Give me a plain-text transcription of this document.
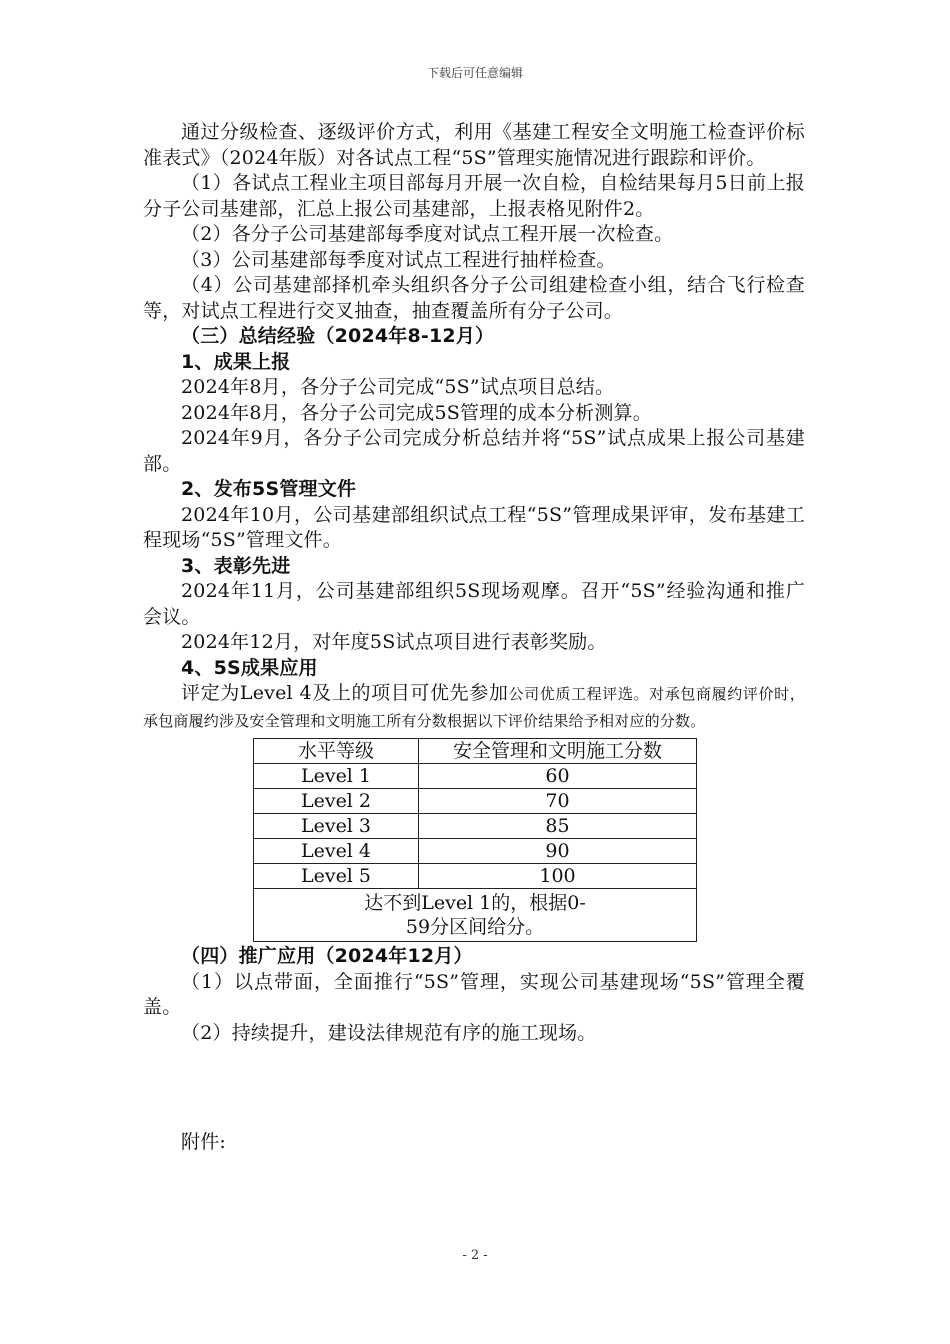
下载后可任意编辑

通过分级检查、逐级评价方式，利用《基建工程安全文明施工检查评价标准表式》（2024年版）对各试点工程“5S”管理实施情况进行跟踪和评价。

（1）各试点工程业主项目部每月开展一次自检，自检结果每月5日前上报分子公司基建部，汇总上报公司基建部，上报表格见附件2。

（2）各分子公司基建部每季度对试点工程开展一次检查。

（3）公司基建部每季度对试点工程进行抽样检查。

（4）公司基建部择机牵头组织各分子公司组建检查小组，结合飞行检查等，对试点工程进行交叉抽查，抽查覆盖所有分子公司。

（三）总结经验（2024年8-12月）

1、成果上报

2024年8月，各分子公司完成“5S”试点项目总结。

2024年8月，各分子公司完成5S管理的成本分析测算。

2024年9月，各分子公司完成分析总结并将“5S”试点成果上报公司基建部。

2、发布5S管理文件

2024年10月，公司基建部组织试点工程“5S”管理成果评审，发布基建工程现场“5S”管理文件。

3、表彰先进

2024年11月，公司基建部组织5S现场观摩。召开“5S”经验沟通和推广会议。

2024年12月，对年度5S试点项目进行表彰奖励。

4、5S成果应用

评定为Level 4及上的项目可优先参加公司优质工程评选。对承包商履约评价时，承包商履约涉及安全管理和文明施工所有分数根据以下评价结果给予相对应的分数。

水平等级	安全管理和文明施工分数
Level 1	60
Level 2	70
Level 3	85
Level 4	90
Level 5	100
达不到Level 1的，根据0-59分区间给分。	

（四）推广应用（2024年12月）

（1）以点带面，全面推行“5S”管理，实现公司基建现场“5S”管理全覆盖。

（2）持续提升，建设法律规范有序的施工现场。

附件:

- 2 -
